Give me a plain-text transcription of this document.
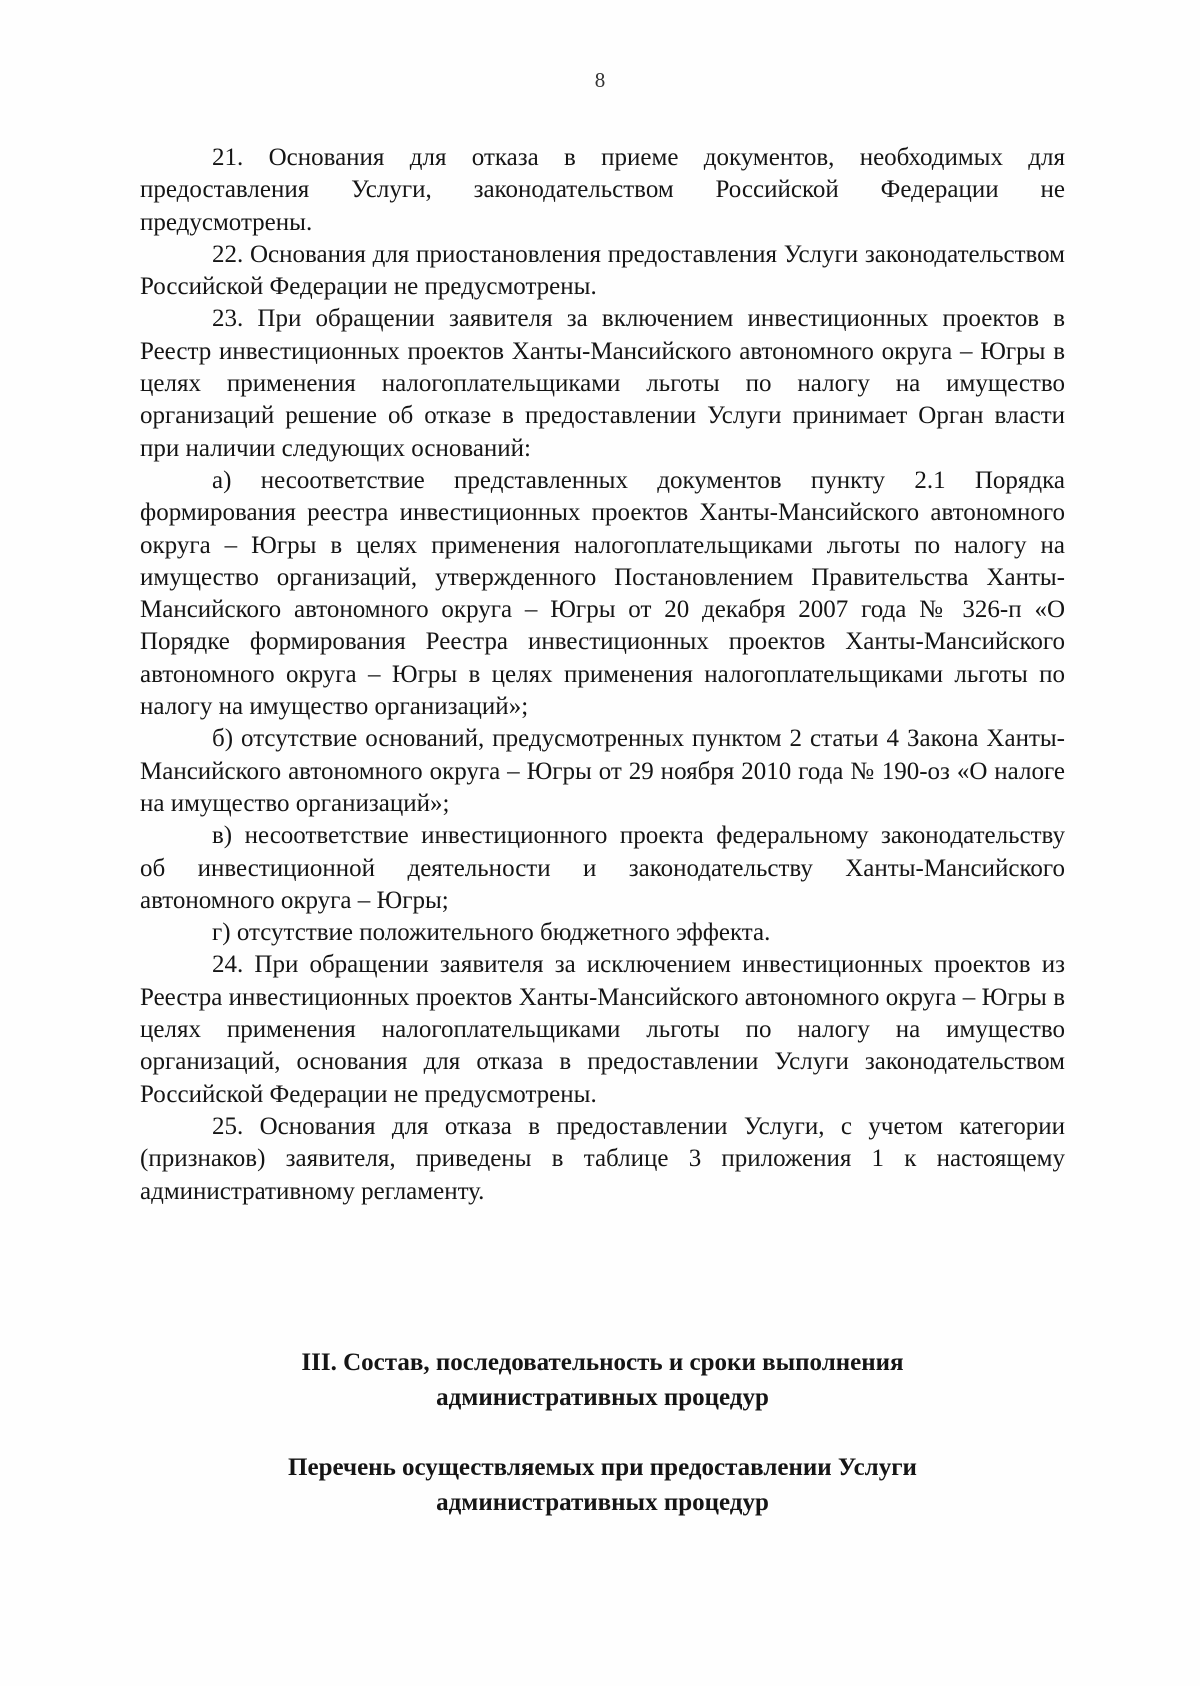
8

21. Основания для отказа в приеме документов, необходимых для предоставления Услуги, законодательством Российской Федерации не предусмотрены.

22. Основания для приостановления предоставления Услуги законодательством Российской Федерации не предусмотрены.

23. При обращении заявителя за включением инвестиционных проектов в Реестр инвестиционных проектов Ханты-Мансийского автономного округа – Югры в целях применения налогоплательщиками льготы по налогу на имущество организаций решение об отказе в предоставлении Услуги принимает Орган власти при наличии следующих оснований:

а) несоответствие представленных документов пункту 2.1 Порядка формирования реестра инвестиционных проектов Ханты-Мансийского автономного округа – Югры в целях применения налогоплательщиками льготы по налогу на имущество организаций, утвержденного Постановлением Правительства Ханты-Мансийского автономного округа – Югры от 20 декабря 2007 года № 326-п «О Порядке формирования Реестра инвестиционных проектов Ханты-Мансийского автономного округа – Югры в целях применения налогоплательщиками льготы по налогу на имущество организаций»;

б) отсутствие оснований, предусмотренных пунктом 2 статьи 4 Закона Ханты-Мансийского автономного округа – Югры от 29 ноября 2010 года № 190-оз «О налоге на имущество организаций»;

в) несоответствие инвестиционного проекта федеральному законодательству об инвестиционной деятельности и законодательству Ханты-Мансийского автономного округа – Югры;

г) отсутствие положительного бюджетного эффекта.

24. При обращении заявителя за исключением инвестиционных проектов из Реестра инвестиционных проектов Ханты-Мансийского автономного округа – Югры в целях применения налогоплательщиками льготы по налогу на имущество организаций, основания для отказа в предоставлении Услуги законодательством Российской Федерации не предусмотрены.

25. Основания для отказа в предоставлении Услуги, с учетом категории (признаков) заявителя, приведены в таблице 3 приложения 1 к настоящему административному регламенту.

III. Состав, последовательность и сроки выполнения
административных процедур
Перечень осуществляемых при предоставлении Услуги
административных процедур
